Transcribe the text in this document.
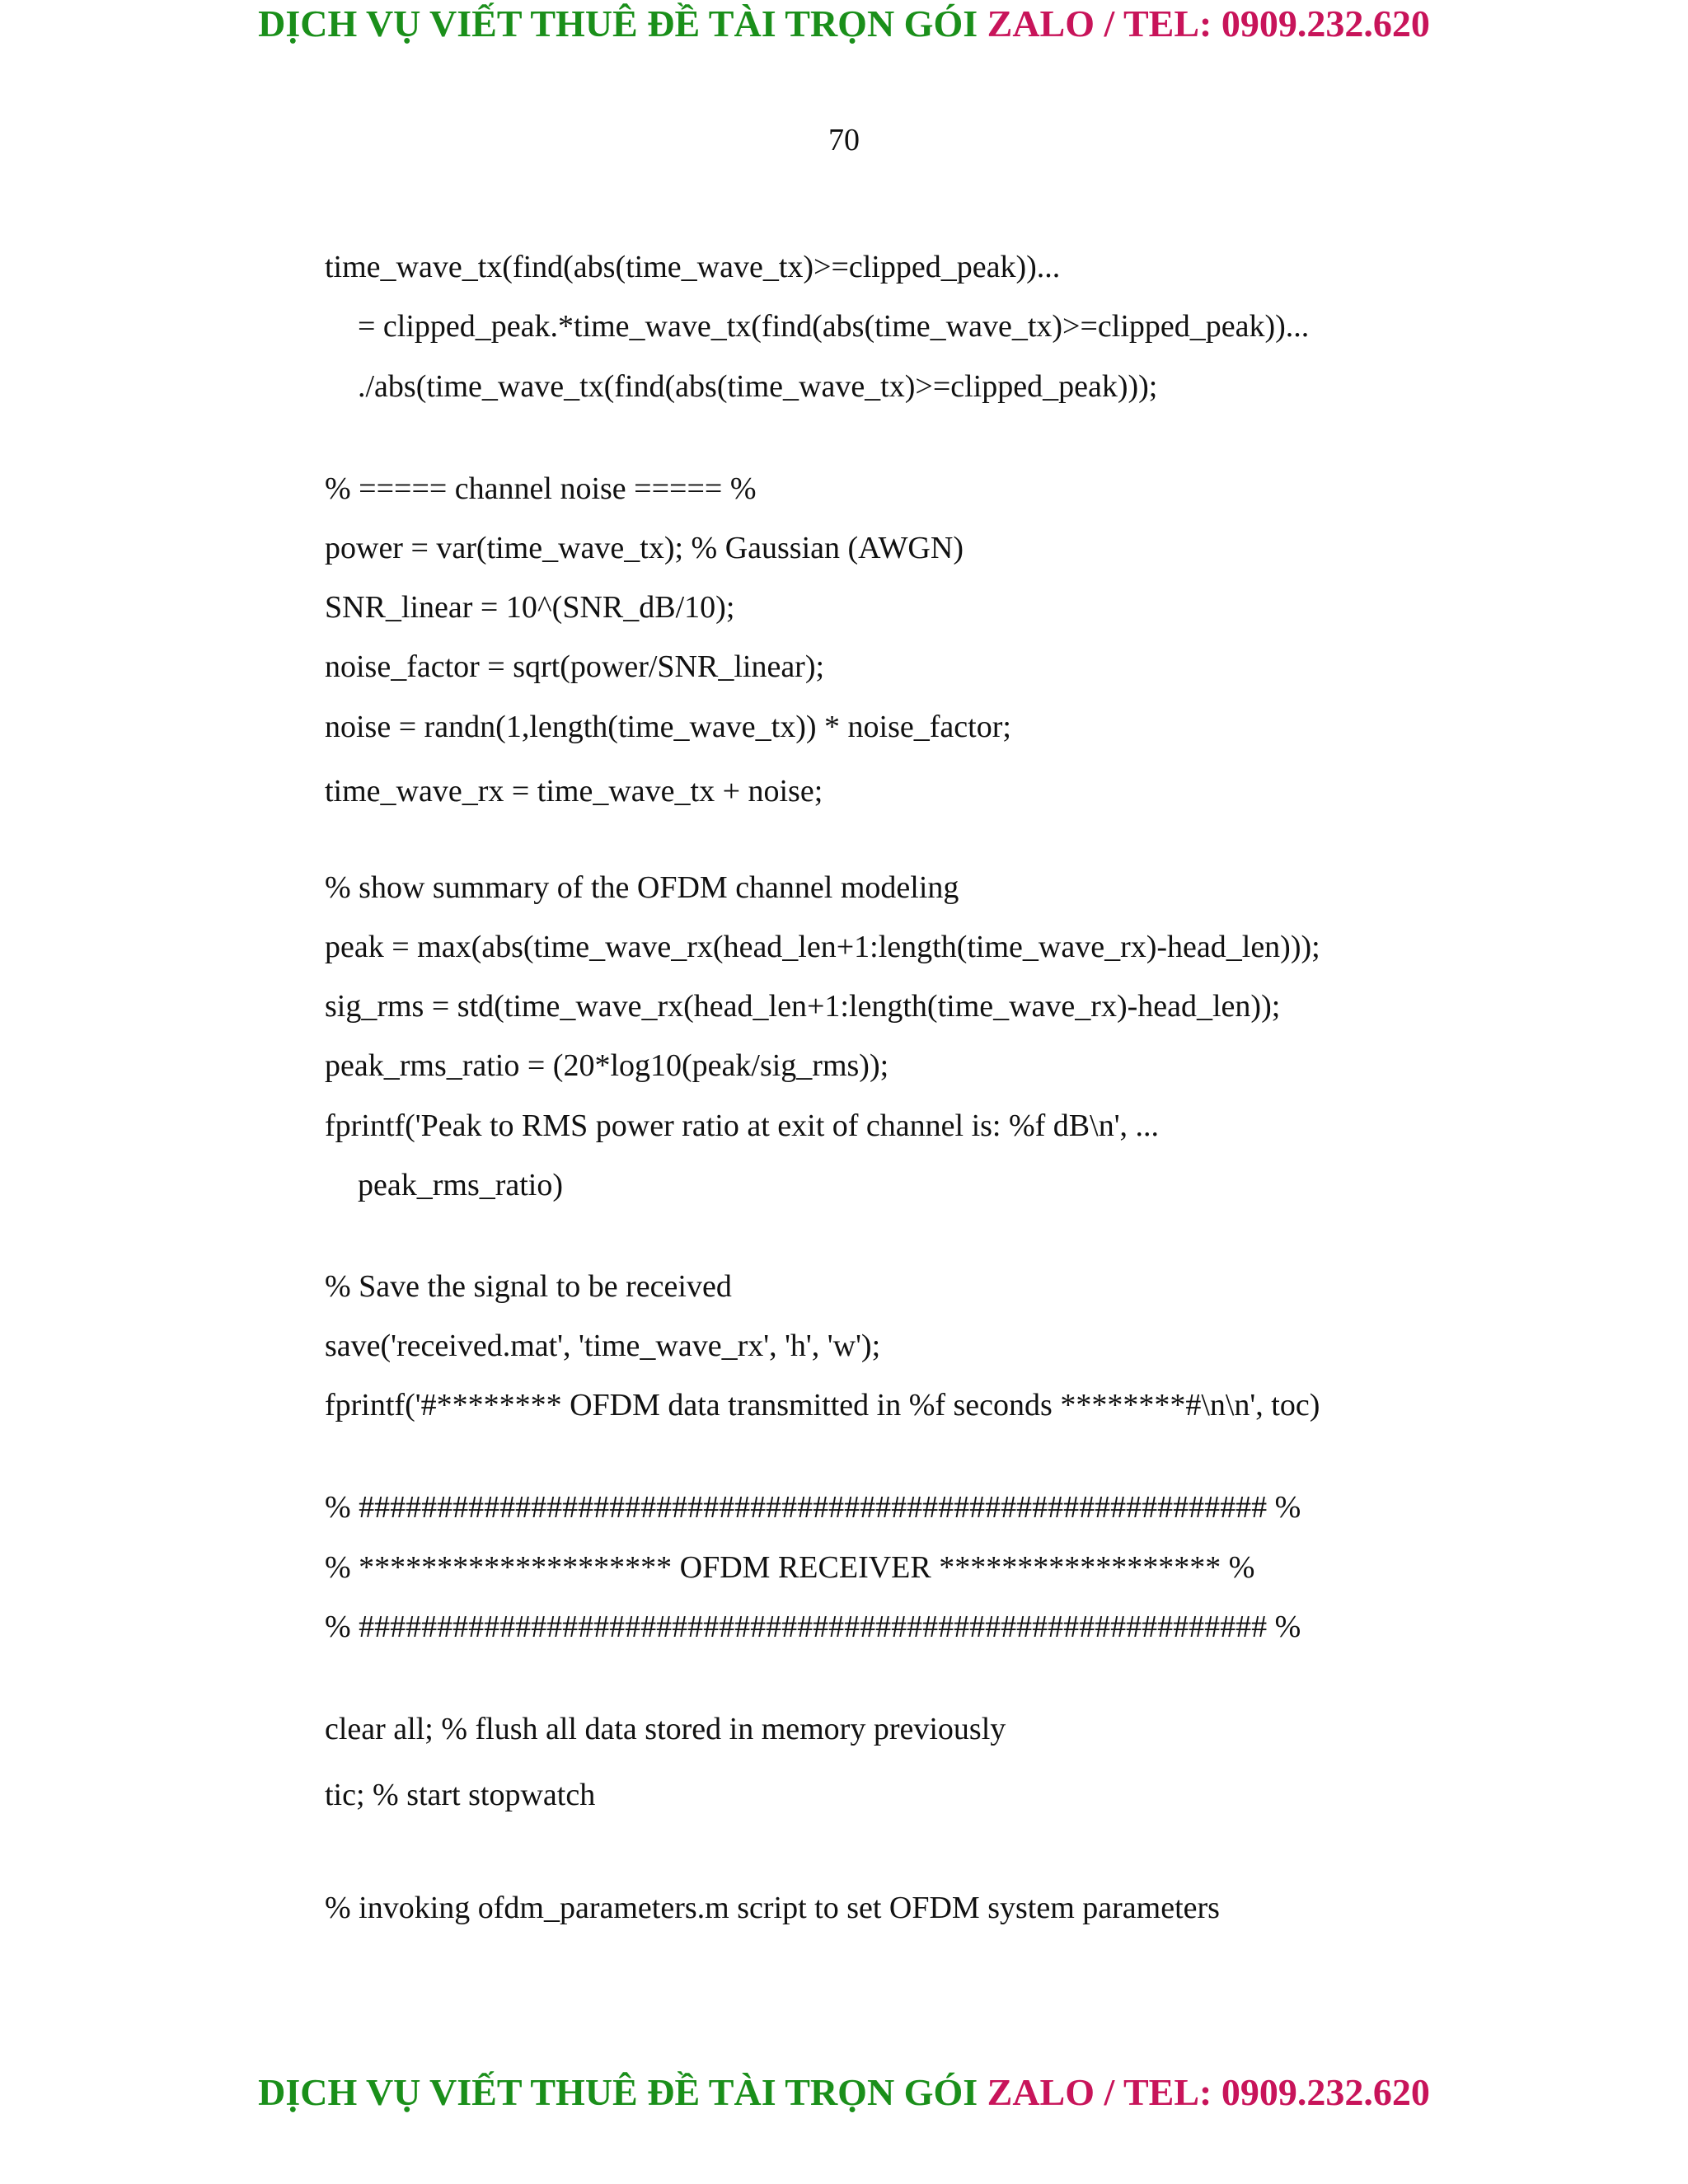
DỊCH VỤ VIẾT THUÊ ĐỀ TÀI TRỌN GÓI ZALO / TEL: 0909.232.620
70
time_wave_tx(find(abs(time_wave_tx)>=clipped_peak))...
= clipped_peak.*time_wave_tx(find(abs(time_wave_tx)>=clipped_peak))...
./abs(time_wave_tx(find(abs(time_wave_tx)>=clipped_peak)));
% ===== channel noise ===== %
power = var(time_wave_tx); % Gaussian (AWGN)
SNR_linear = 10^(SNR_dB/10);
noise_factor = sqrt(power/SNR_linear);
noise = randn(1,length(time_wave_tx)) * noise_factor;
time_wave_rx = time_wave_tx + noise;
% show summary of the OFDM channel modeling
peak = max(abs(time_wave_rx(head_len+1:length(time_wave_rx)-head_len)));
sig_rms = std(time_wave_rx(head_len+1:length(time_wave_rx)-head_len));
peak_rms_ratio = (20*log10(peak/sig_rms));
fprintf('Peak to RMS power ratio at exit of channel is: %f dB\n', ...
peak_rms_ratio)
% Save the signal to be received
save('received.mat', 'time_wave_rx', 'h', 'w');
fprintf('#******** OFDM data transmitted in %f seconds ********#\n\n', toc)
% ########################################################## %
% ******************** OFDM RECEIVER ****************** %
% ########################################################## %
clear all; % flush all data stored in memory previously
tic; % start stopwatch
% invoking ofdm_parameters.m script to set OFDM system parameters
DỊCH VỤ VIẾT THUÊ ĐỀ TÀI TRỌN GÓI ZALO / TEL: 0909.232.620
